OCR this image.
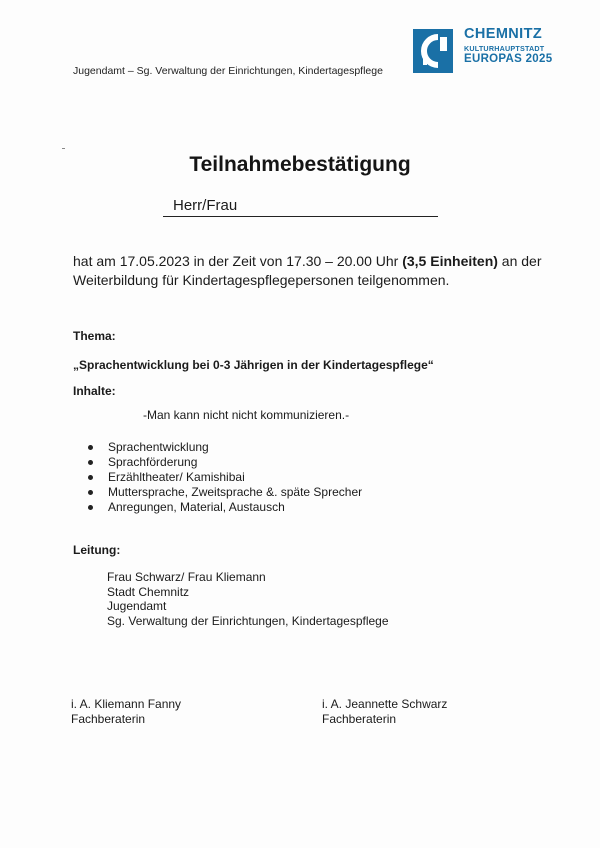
Jugendamt – Sg. Verwaltung der Einrichtungen, Kindertagespflege
CHEMNITZ
KULTURHAUPTSTADT
EUROPAS 2025
Teilnahmebestätigung
Herr/Frau
hat am 17.05.2023 in der Zeit von 17.30 – 20.00 Uhr (3,5 Einheiten) an der Weiterbildung für Kindertagespflegepersonen teilgenommen.
Thema:
„Sprachentwicklung bei 0-3 Jährigen in der Kindertagespflege“
Inhalte:
-Man kann nicht nicht kommunizieren.-
Sprachentwicklung
Sprachförderung
Erzähltheater/ Kamishibai
Muttersprache, Zweitsprache &. späte Sprecher
Anregungen, Material, Austausch
Leitung:
Frau Schwarz/ Frau Kliemann
Stadt Chemnitz
Jugendamt
Sg. Verwaltung der Einrichtungen, Kindertagespflege
i. A. Kliemann Fanny
Fachberaterin
i. A. Jeannette Schwarz
Fachberaterin
